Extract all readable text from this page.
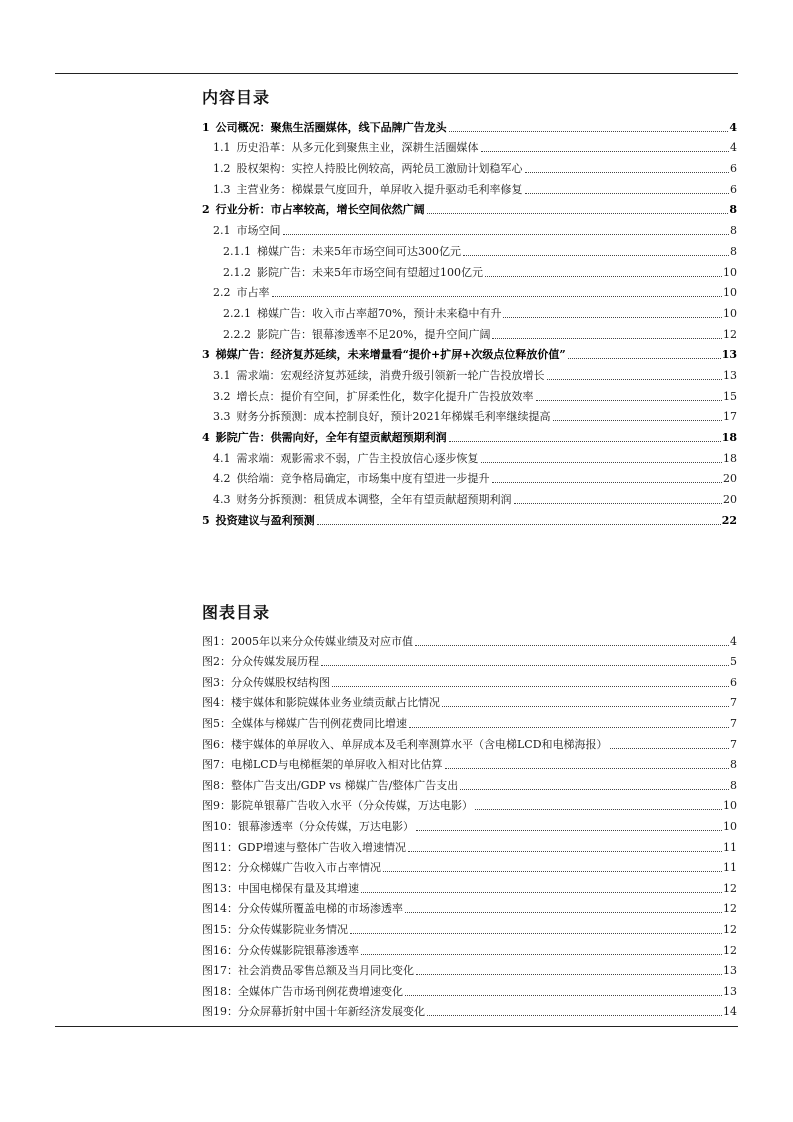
内容目录
1 公司概况：聚焦生活圈媒体，线下品牌广告龙头	4
1.1 历史沿革：从多元化到聚焦主业，深耕生活圈媒体	4
1.2 股权架构：实控人持股比例较高，两轮员工激励计划稳军心	6
1.3 主营业务：梯媒景气度回升，单屏收入提升驱动毛利率修复	6
2 行业分析：市占率较高，增长空间依然广阔	8
2.1 市场空间	8
2.1.1 梯媒广告：未来5年市场空间可达300亿元	8
2.1.2 影院广告：未来5年市场空间有望超过100亿元	10
2.2 市占率	10
2.2.1 梯媒广告：收入市占率超70%，预计未来稳中有升	10
2.2.2 影院广告：银幕渗透率不足20%，提升空间广阔	12
3 梯媒广告：经济复苏延续，未来增量看“提价+扩屏+次级点位释放价值”	13
3.1 需求端：宏观经济复苏延续，消费升级引领新一轮广告投放增长	13
3.2 增长点：提价有空间，扩屏柔性化，数字化提升广告投放效率	15
3.3 财务分拆预测：成本控制良好，预计2021年梯媒毛利率继续提高	17
4 影院广告：供需向好，全年有望贡献超预期利润	18
4.1 需求端：观影需求不弱，广告主投放信心逐步恢复	18
4.2 供给端：竞争格局确定，市场集中度有望进一步提升	20
4.3 财务分拆预测：租赁成本调整，全年有望贡献超预期利润	20
5 投资建议与盈利预测	22
图表目录
图1：2005年以来分众传媒业绩及对应市值	4
图2：分众传媒发展历程	5
图3：分众传媒股权结构图	6
图4：楼宇媒体和影院媒体业务业绩贡献占比情况	7
图5：全媒体与梯媒广告刊例花费同比增速	7
图6：楼宇媒体的单屏收入、单屏成本及毛利率测算水平（含电梯LCD和电梯海报）	7
图7：电梯LCD与电梯框架的单屏收入相对比估算	8
图8：整体广告支出/GDP vs 梯媒广告/整体广告支出	8
图9：影院单银幕广告收入水平（分众传媒，万达电影）	10
图10：银幕渗透率（分众传媒，万达电影）	10
图11：GDP增速与整体广告收入增速情况	11
图12：分众梯媒广告收入市占率情况	11
图13：中国电梯保有量及其增速	12
图14：分众传媒所覆盖电梯的市场渗透率	12
图15：分众传媒影院业务情况	12
图16：分众传媒影院银幕渗透率	12
图17：社会消费品零售总额及当月同比变化	13
图18：全媒体广告市场刊例花费增速变化	13
图19：分众屏幕折射中国十年新经济发展变化	14
